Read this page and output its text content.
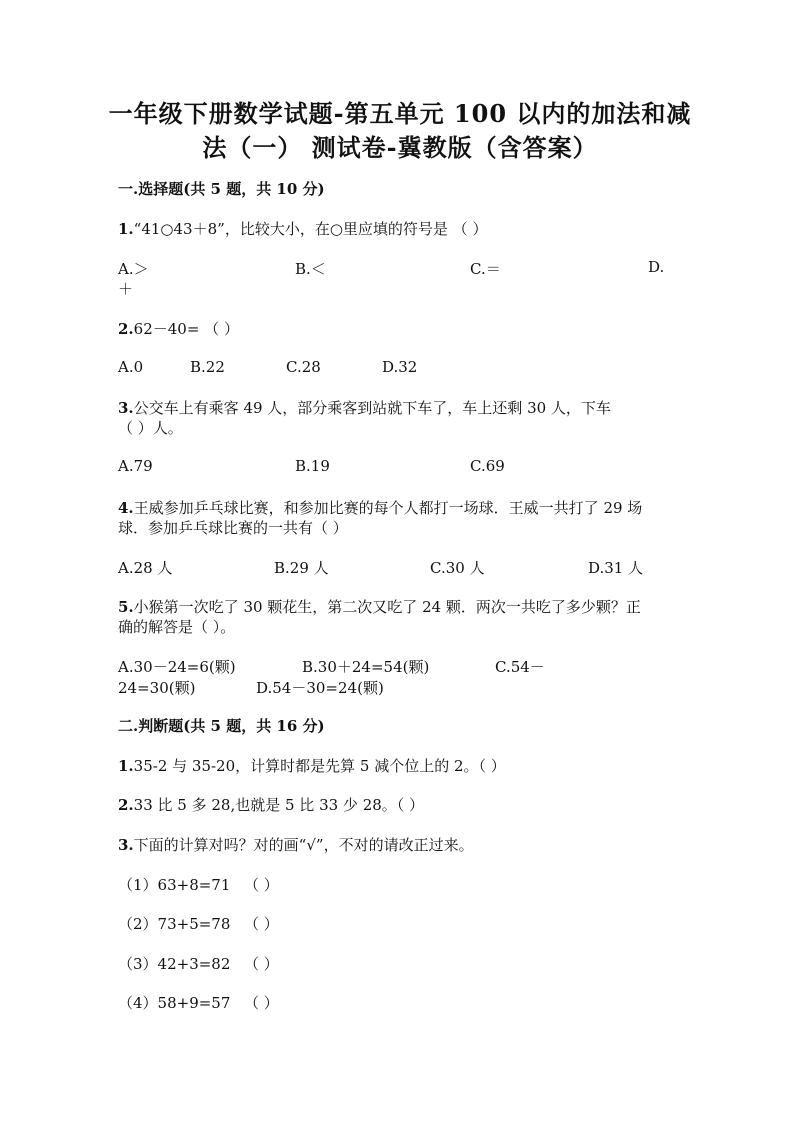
一年级下册数学试题-第五单元 100 以内的加法和减
法（一） 测试卷-冀教版（含答案）
一.选择题(共 5 题，共 10 分)
1.“41○43＋8”，比较大小，在○里应填的符号是 （ ）
A.＞	B.＜	C.＝	D.
＋
2.62－40= （ ）
A.0	B.22	C.28	D.32
3.公交车上有乘客 49 人，部分乘客到站就下车了，车上还剩 30 人，下车
（ ）人。
A.79	B.19	C.69
4.王威参加乒乓球比赛，和参加比赛的每个人都打一场球．王威一共打了 29 场
球．参加乒乓球比赛的一共有（ ）
A.28 人	B.29 人	C.30 人	D.31 人
5.小猴第一次吃了 30 颗花生，第二次又吃了 24 颗．两次一共吃了多少颗？正
确的解答是（ ）。
A.30－24=6(颗)	B.30＋24=54(颗)	C.54－
24=30(颗)	D.54－30=24(颗)
二.判断题(共 5 题，共 16 分)
1.35-2 与 35-20，计算时都是先算 5 减个位上的 2。（ ）
2.33 比 5 多 28,也就是 5 比 33 少 28。（ ）
3.下面的计算对吗？对的画“√”，不对的请改正过来。
（1）63+8=71 （ ）
（2）73+5=78 （ ）
（3）42+3=82 （ ）
（4）58+9=57 （ ）
